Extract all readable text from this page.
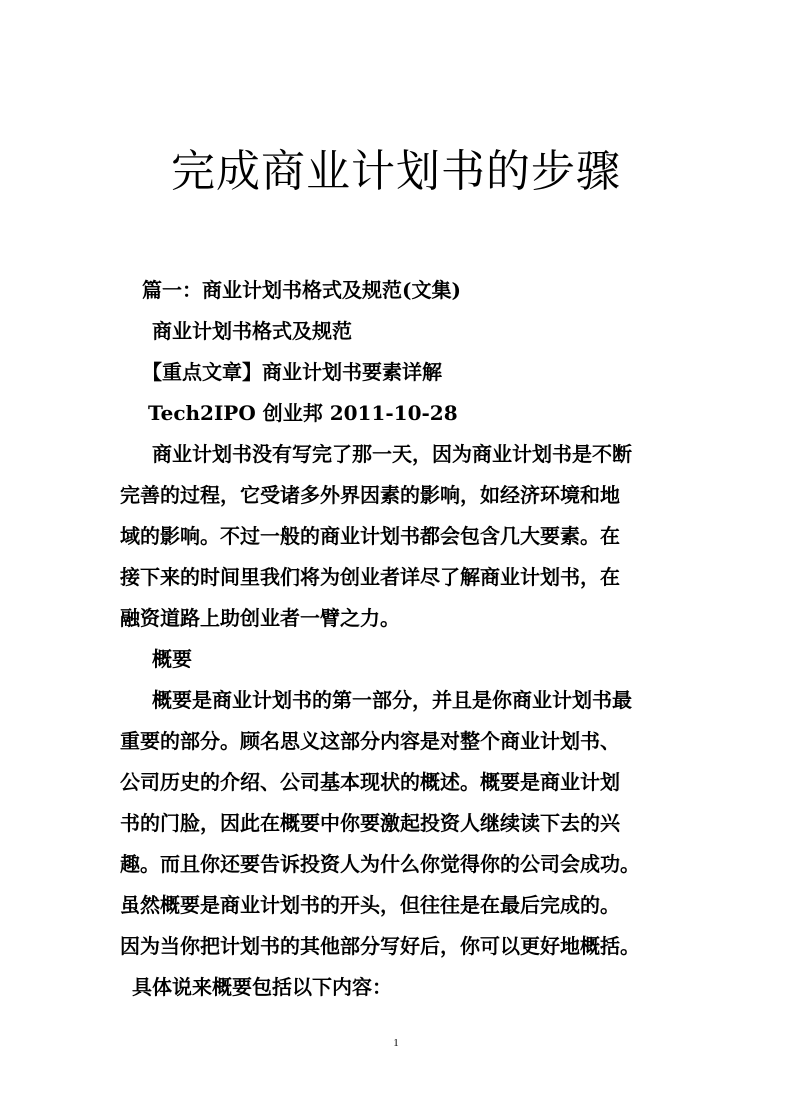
完成商业计划书的步骤
篇一：商业计划书格式及规范(文集)
商业计划书格式及规范
【重点文章】商业计划书要素详解
Tech2IPO 创业邦 2011-10-28
商业计划书没有写完了那一天，因为商业计划书是不断
完善的过程，它受诸多外界因素的影响，如经济环境和地
域的影响。不过一般的商业计划书都会包含几大要素。在
接下来的时间里我们将为创业者详尽了解商业计划书，在
融资道路上助创业者一臂之力。
概要
概要是商业计划书的第一部分，并且是你商业计划书最
重要的部分。顾名思义这部分内容是对整个商业计划书、
公司历史的介绍、公司基本现状的概述。概要是商业计划
书的门脸，因此在概要中你要激起投资人继续读下去的兴
趣。而且你还要告诉投资人为什么你觉得你的公司会成功。
虽然概要是商业计划书的开头，但往往是在最后完成的。
因为当你把计划书的其他部分写好后，你可以更好地概括。
具体说来概要包括以下内容：
1
